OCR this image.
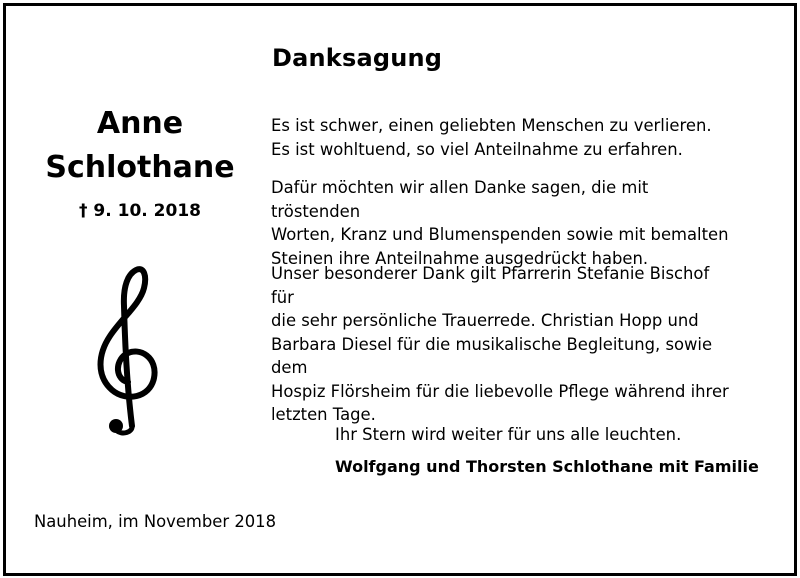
Danksagung
Anne
Schlothane
† 9. 10. 2018
Es ist schwer, einen geliebten Menschen zu verlieren.
Es ist wohltuend, so viel Anteilnahme zu erfahren.
Dafür möchten wir allen Danke sagen, die mit tröstenden
Worten, Kranz und Blumenspenden sowie mit bemalten
Steinen ihre Anteilnahme ausgedrückt haben.
Unser besonderer Dank gilt Pfarrerin Stefanie Bischof für
die sehr persönliche Trauerrede. Christian Hopp und
Barbara Diesel für die musikalische Begleitung, sowie dem
Hospiz Flörsheim für die liebevolle Pflege während ihrer
letzten Tage.
Ihr Stern wird weiter für uns alle leuchten.
Wolfgang und Thorsten Schlothane mit Familie
Nauheim, im November 2018
